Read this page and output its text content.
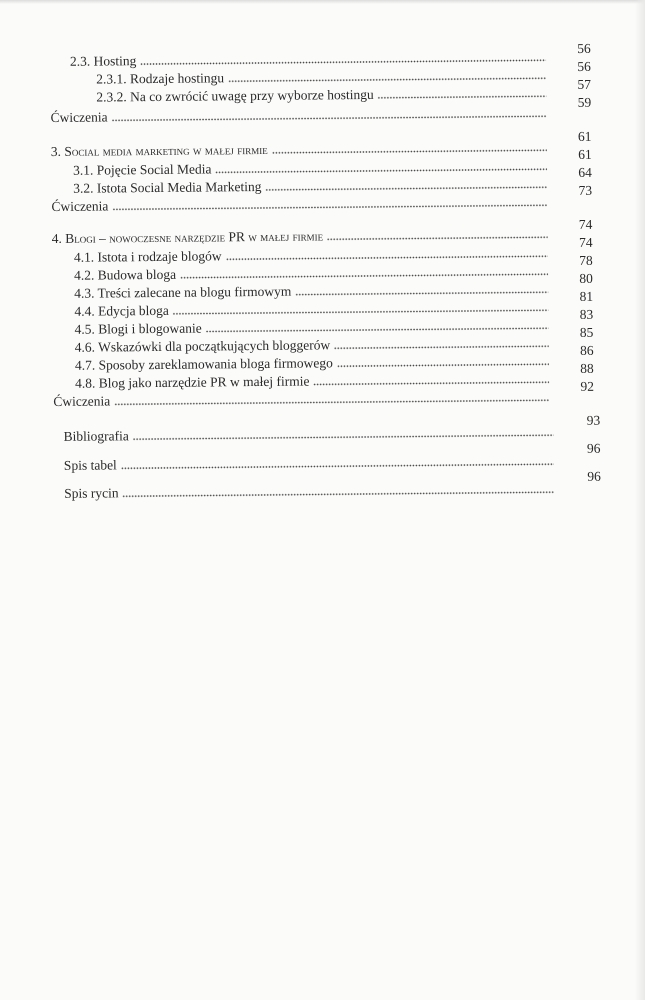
2.3. Hosting
56
2.3.1. Rodzaje hostingu
56
2.3.2. Na co zwrócić uwagę przy wyborze hostingu
57
Ćwiczenia
59
3. Social media marketing w małej firmie
61
3.1. Pojęcie Social Media
61
3.2. Istota Social Media Marketing
64
Ćwiczenia
73
4. Blogi – nowoczesne narzędzie PR w małej firmie
74
4.1. Istota i rodzaje blogów
74
4.2. Budowa bloga
78
4.3. Treści zalecane na blogu firmowym
80
4.4. Edycja bloga
81
4.5. Blogi i blogowanie
83
4.6. Wskazówki dla początkujących bloggerów
85
4.7. Sposoby zareklamowania bloga firmowego
86
4.8. Blog jako narzędzie PR w małej firmie
88
Ćwiczenia
92
Bibliografia
93
Spis tabel
96
Spis rycin
96
